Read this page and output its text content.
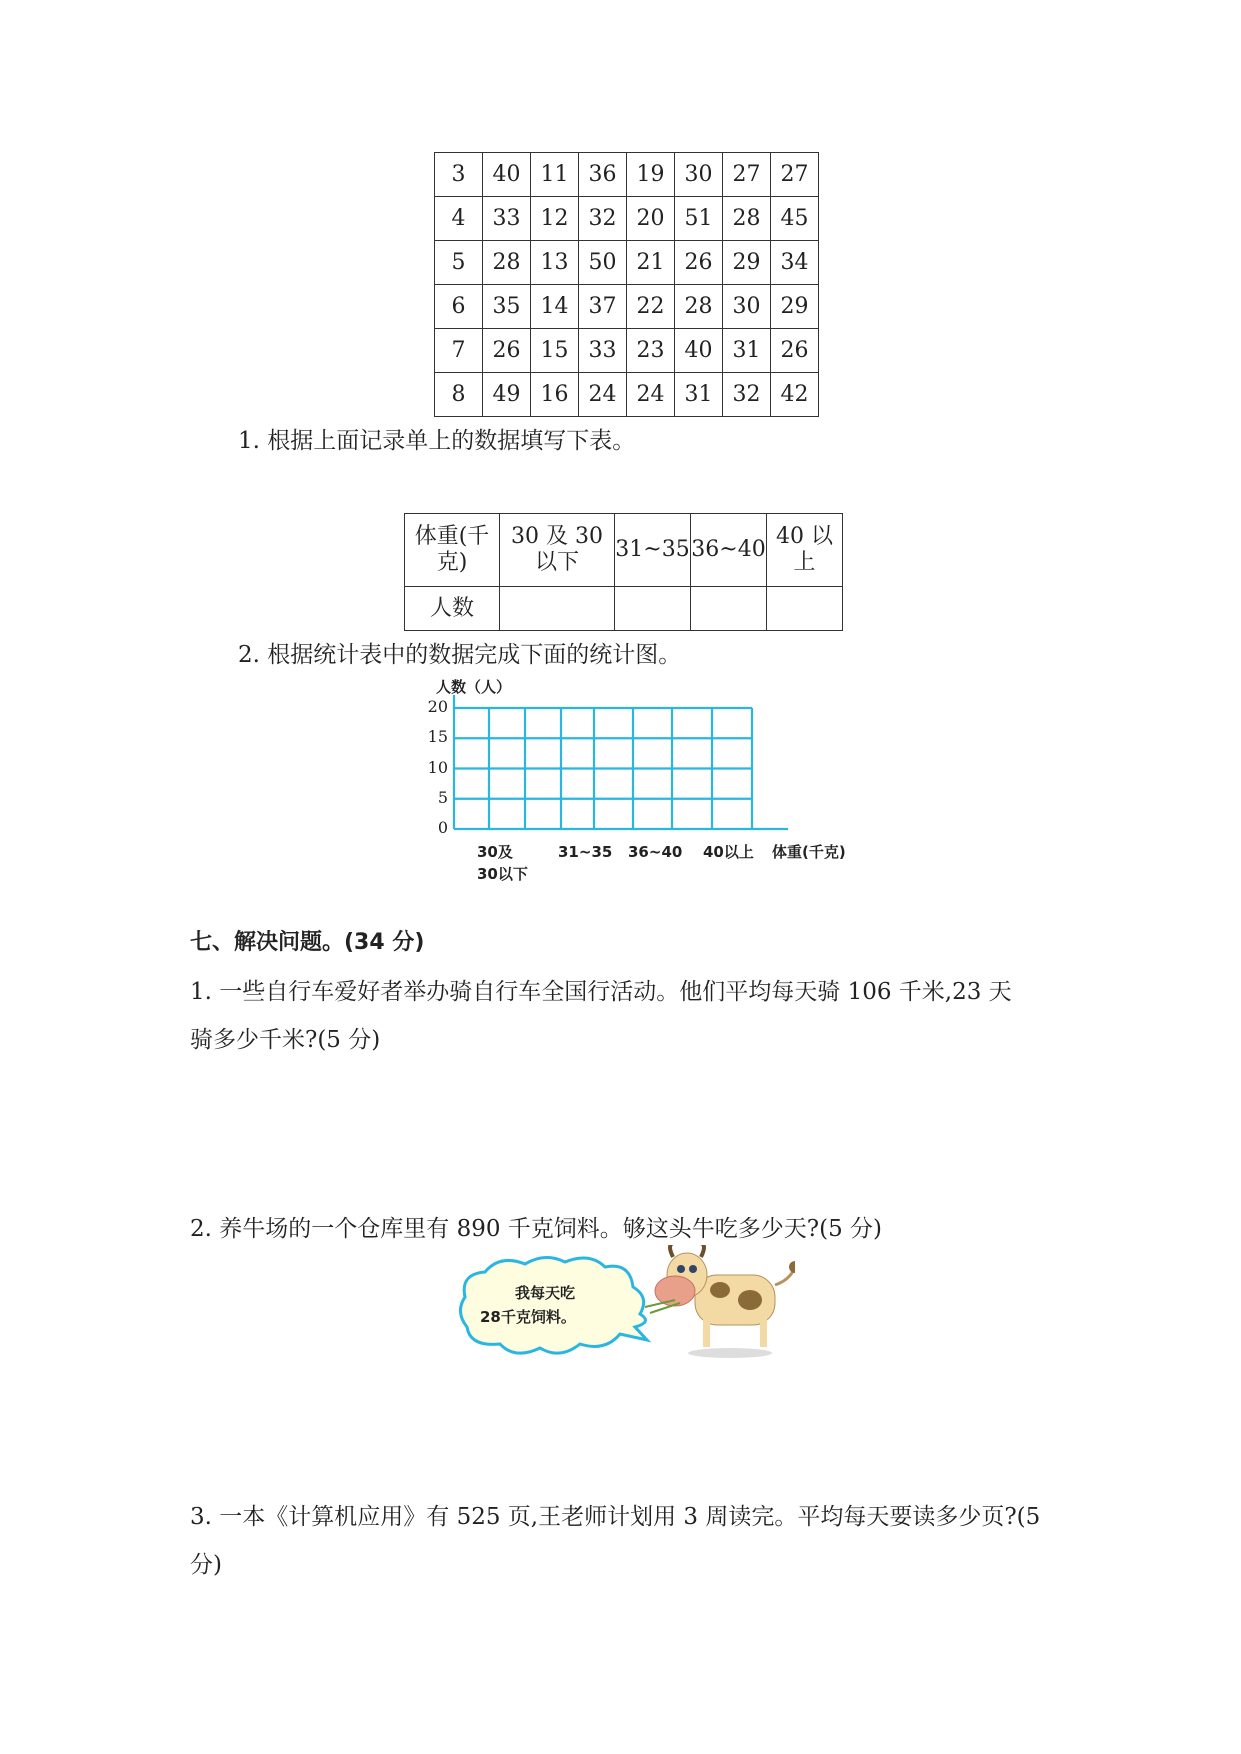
3	40	11	36	19	30	27	27
4	33	12	32	20	51	28	45
5	28	13	50	21	26	29	34
6	35	14	37	22	28	30	29
7	26	15	33	23	40	31	26
8	49	16	24	24	31	32	42
1. 根据上面记录单上的数据填写下表。
体重(千克)	30 及 30 以下	31~35	36~40	40 以上
人数				
2. 根据统计表中的数据完成下面的统计图。
人数（人）
0
5
10
15
20
30及30以下
31~35 36~40 40以上 体重(千克)
七、解决问题。(34 分)
1. 一些自行车爱好者举办骑自行车全国行活动。他们平均每天骑 106 千米,23 天
骑多少千米?(5 分)
2. 养牛场的一个仓库里有 890 千克饲料。够这头牛吃多少天?(5 分)
我每天吃
28千克饲料。
3. 一本《计算机应用》有 525 页,王老师计划用 3 周读完。平均每天要读多少页?(5
分)
